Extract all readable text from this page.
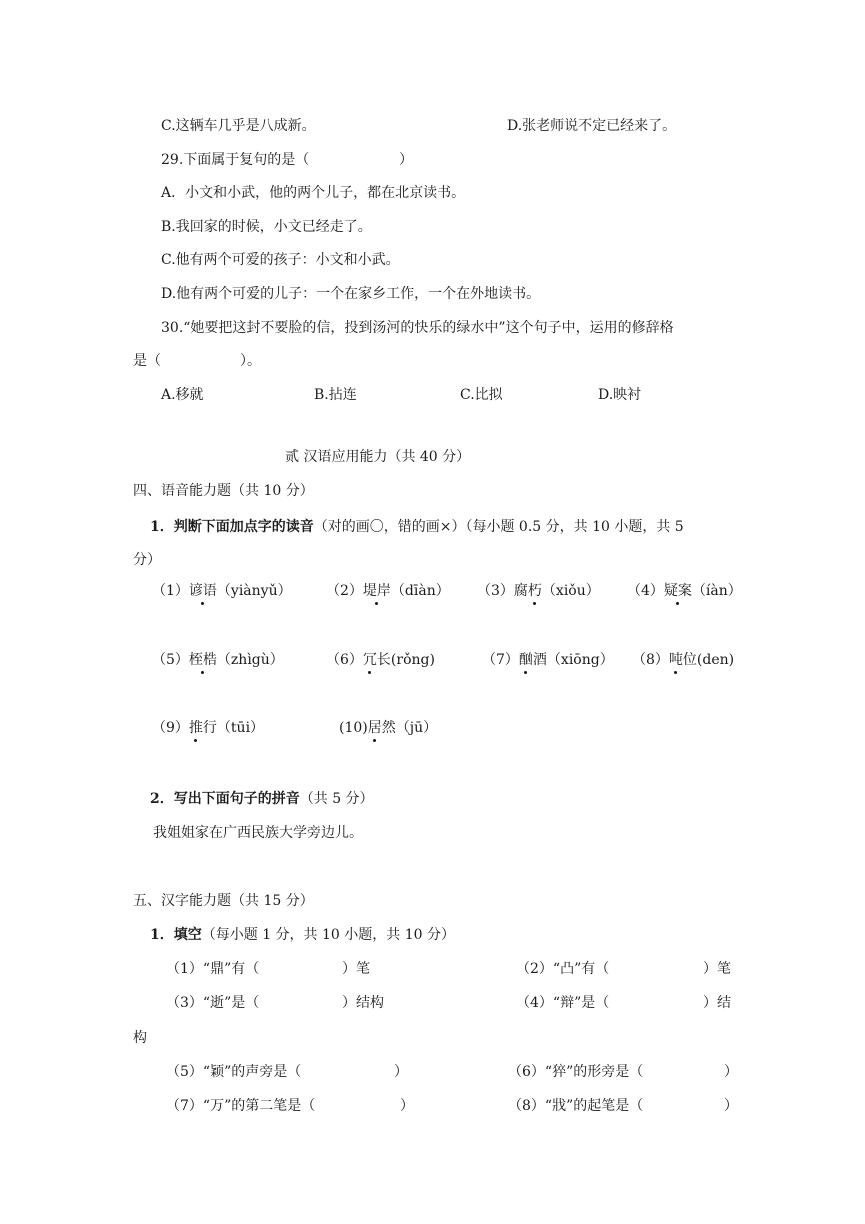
C.这辆车几乎是八成新。	D.张老师说不定已经来了。
29.下面属于复句的是（	）
A．小文和小武，他的两个儿子，都在北京读书。
B.我回家的时候，小文已经走了。
C.他有两个可爱的孩子：小文和小武。
D.他有两个可爱的儿子：一个在家乡工作，一个在外地读书。
30.“她要把这封不要脸的信，投到汤河的快乐的绿水中”这个句子中，运用的修辞格
是（	）。
A.移就	B.拈连	C.比拟	D.映衬
贰 汉语应用能力（共 40 分）
四、语音能力题（共 10 分）
1．判断下面加点字的读音（对的画〇，错的画×）（每小题 0.5 分，共 10 小题，共 5
分）
（1）谚语（yiànyǔ） （2）堤岸（dīàn） （3）腐朽（xiǒu） （4）疑案（íàn）
（5）桎梏（zhìgù）	（6）冗长(rǒng)	（7）酗酒（xiōng） （8）吨位(den)
（9）推行（tūi）	(10)居然（jū）
2．写出下面句子的拼音（共 5 分）
我姐姐家在广西民族大学旁边儿。
五、汉字能力题（共 15 分）
1．填空（每小题 1 分，共 10 小题，共 10 分）
（1）“鼎”有（	）笔	（2）“凸”有（	）笔
（3）“逝”是（	）结构	（4）“辩”是（	）结
构
（5）“颖”的声旁是（	）	（6）“猝”的形旁是（	）
（7）“万”的第二笔是（	）	（8）“戕”的起笔是（	）
